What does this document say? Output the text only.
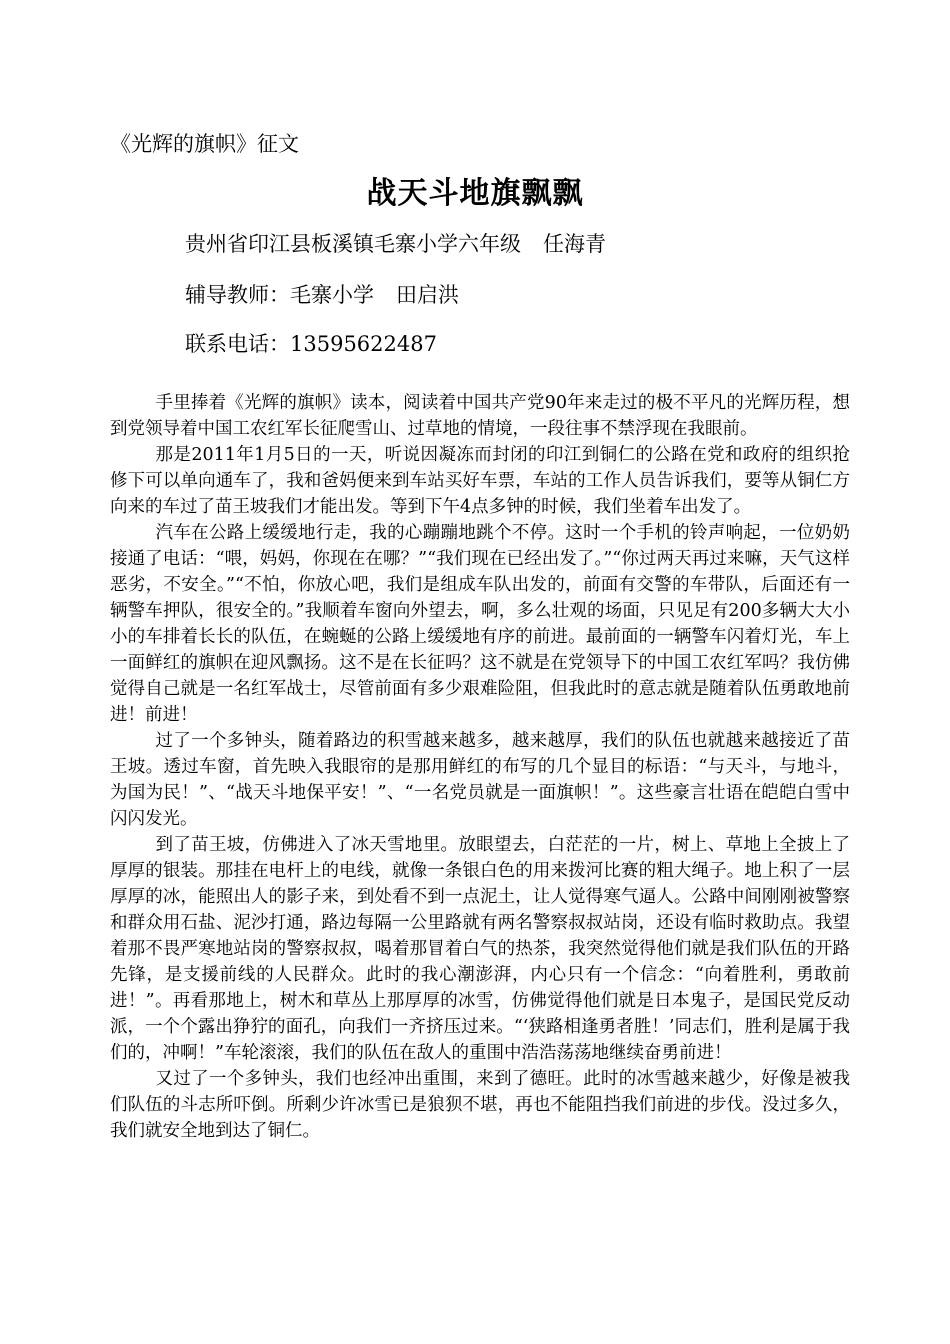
《光辉的旗帜》征文
战天斗地旗飘飘
贵州省印江县板溪镇毛寨小学六年级 任海青
辅导教师：毛寨小学 田启洪
联系电话：13595622487

手里捧着《光辉的旗帜》读本，阅读着中国共产党90年来走过的极不平凡的光辉历程，想到党领导着中国工农红军长征爬雪山、过草地的情境，一段往事不禁浮现在我眼前。

那是2011年1月5日的一天，听说因凝冻而封闭的印江到铜仁的公路在党和政府的组织抢修下可以单向通车了，我和爸妈便来到车站买好车票，车站的工作人员告诉我们，要等从铜仁方向来的车过了苗王坡我们才能出发。等到下午4点多钟的时候，我们坐着车出发了。

汽车在公路上缓缓地行走，我的心蹦蹦地跳个不停。这时一个手机的铃声响起，一位奶奶接通了电话：“喂，妈妈，你现在在哪？”“我们现在已经出发了。”“你过两天再过来嘛，天气这样恶劣，不安全。”“不怕，你放心吧，我们是组成车队出发的，前面有交警的车带队，后面还有一辆警车押队，很安全的。”我顺着车窗向外望去，啊，多么壮观的场面，只见足有200多辆大大小小的车排着长长的队伍，在蜿蜒的公路上缓缓地有序的前进。最前面的一辆警车闪着灯光，车上一面鲜红的旗帜在迎风飘扬。这不是在长征吗？这不就是在党领导下的中国工农红军吗？我仿佛觉得自己就是一名红军战士，尽管前面有多少艰难险阻，但我此时的意志就是随着队伍勇敢地前进！前进！

过了一个多钟头，随着路边的积雪越来越多，越来越厚，我们的队伍也就越来越接近了苗王坡。透过车窗，首先映入我眼帘的是那用鲜红的布写的几个显目的标语：“与天斗，与地斗，为国为民！”、“战天斗地保平安！”、“一名党员就是一面旗帜！”。这些豪言壮语在皑皑白雪中闪闪发光。

到了苗王坡，仿佛进入了冰天雪地里。放眼望去，白茫茫的一片，树上、草地上全披上了厚厚的银装。那挂在电杆上的电线，就像一条银白色的用来拨河比赛的粗大绳子。地上积了一层厚厚的冰，能照出人的影子来，到处看不到一点泥土，让人觉得寒气逼人。公路中间刚刚被警察和群众用石盐、泥沙打通，路边每隔一公里路就有两名警察叔叔站岗，还设有临时救助点。我望着那不畏严寒地站岗的警察叔叔，喝着那冒着白气的热茶，我突然觉得他们就是我们队伍的开路先锋，是支援前线的人民群众。此时的我心潮澎湃，内心只有一个信念：“向着胜利，勇敢前进！”。再看那地上，树木和草丛上那厚厚的冰雪，仿佛觉得他们就是日本鬼子，是国民党反动派，一个个露出狰狞的面孔，向我们一齐挤压过来。“‘狭路相逢勇者胜！’同志们，胜利是属于我们的，冲啊！”车轮滚滚，我们的队伍在敌人的重围中浩浩荡荡地继续奋勇前进！

又过了一个多钟头，我们也经冲出重围，来到了德旺。此时的冰雪越来越少，好像是被我们队伍的斗志所吓倒。所剩少许冰雪已是狼狈不堪，再也不能阻挡我们前进的步伐。没过多久，我们就安全地到达了铜仁。
